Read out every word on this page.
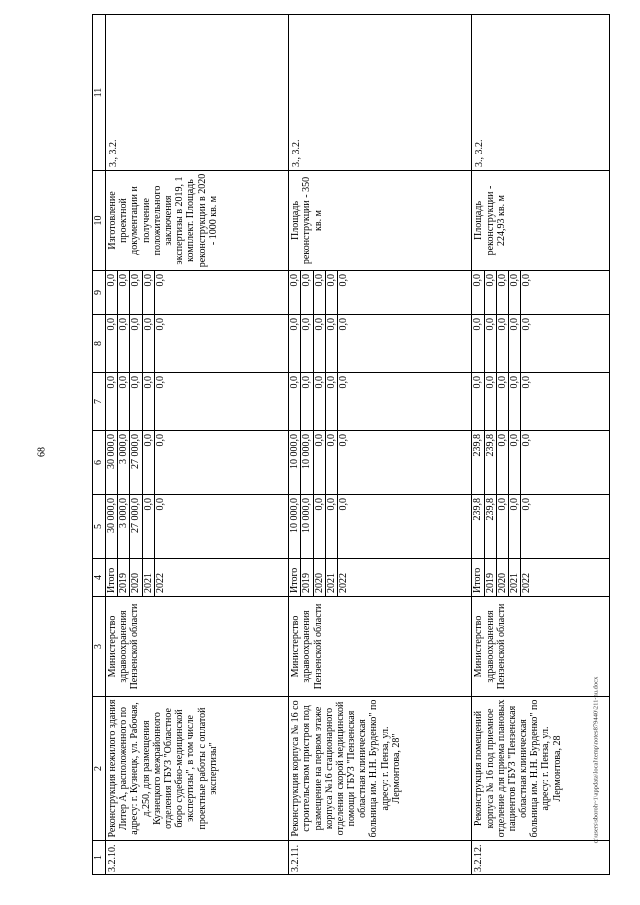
68
c:\users\sboroh~1\appdata\local\temp\notes879440\211-nu.docx
1	2	3	4	5	6	7	8	9	10	11
3.2.10.	Реконструкция нежилого здания Литер А, расположенного по адресу: г. Кузнецк, ул. Рабочая, д.250, для размещения Кузнецкого межрайонного отделения ГБУЗ "Областное бюро судебно-медицинской экспертизы", в том числе проектные работы с оплатой экспертизы"	Министерство здравоохранения Пензенской области	Итого	30 000,0	30 000,0	0,0	0,0	0,0	Изготовление проектной документации и получение положительного заключения экспертизы в 2019, 1 комплект. Площадь реконструкции в 2020 - 1000 кв. м	3., 3.2.
			2019	3 000,0	3 000,0	0,0	0,0	0,0		
			2020	27 000,0	27 000,0	0,0	0,0	0,0		
			2021	0,0	0,0	0,0	0,0	0,0		
			2022	0,0	0,0	0,0	0,0	0,0		
3.2.11.	Реконструкция корпуса № 16 со строительством пристроя под размещение на первом этаже корпуса №16 стационарного отделения скорой медицинской помощи ГБУЗ "Пензенская областная клиническая больница им. Н.Н. Бурденко" по адресу: г. Пенза, ул. Лермонтова, 28"	Министерство здравоохранения Пензенской области	Итого	10 000,0	10 000,0	0,0	0,0	0,0	Площадь реконструкции - 350 кв. м	3., 3.2.
			2019	10 000,0	10 000,0	0,0	0,0	0,0		
			2020	0,0	0,0	0,0	0,0	0,0		
			2021	0,0	0,0	0,0	0,0	0,0		
			2022	0,0	0,0	0,0	0,0	0,0		
3.2.12.	Реконструкция помещений корпуса № 16 под приемное отделение для приема плановых пациентов ГБУЗ "Пензенская областная клиническая больница им. Н.Н. Бурденко" по адресу: г. Пенза, ул. Лермонтова, 28	Министерство здравоохранения Пензенской области	Итого	239,8	239,8	0,0	0,0	0,0	Площадь реконструкции - 224,93 кв. м	3., 3.2.
			2019	239,8	239,8	0,0	0,0	0,0		
			2020	0,0	0,0	0,0	0,0	0,0		
			2021	0,0	0,0	0,0	0,0	0,0		
			2022	0,0	0,0	0,0	0,0	0,0		
